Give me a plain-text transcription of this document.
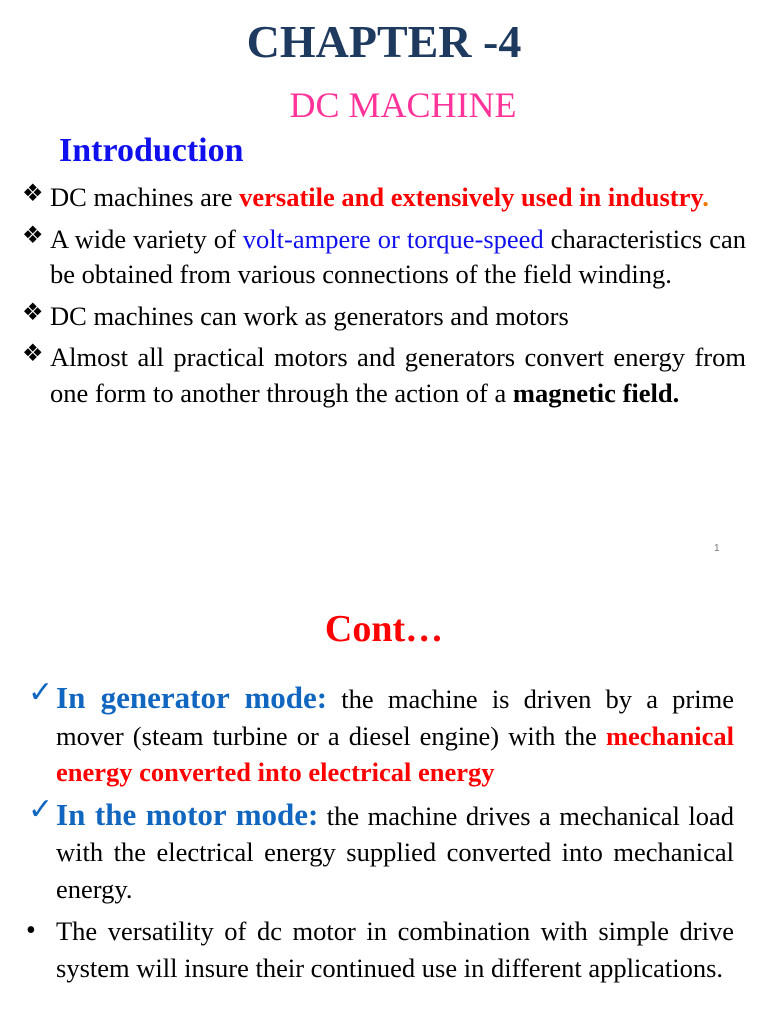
CHAPTER -4
DC MACHINE
Introduction
❖ DC machines are versatile and extensively used in industry.
❖ A wide variety of volt-ampere or torque-speed characteristics can be obtained from various connections of the field winding.
❖ DC machines can work as generators and motors
❖ Almost all practical motors and generators convert energy from one form to another through the action of a magnetic field.
1
Cont…
✓ In generator mode: the machine is driven by a prime mover (steam turbine or a diesel engine) with the mechanical energy converted into electrical energy
✓ In the motor mode: the machine drives a mechanical load with the electrical energy supplied converted into mechanical energy.
• The versatility of dc motor in combination with simple drive system will insure their continued use in different applications.
